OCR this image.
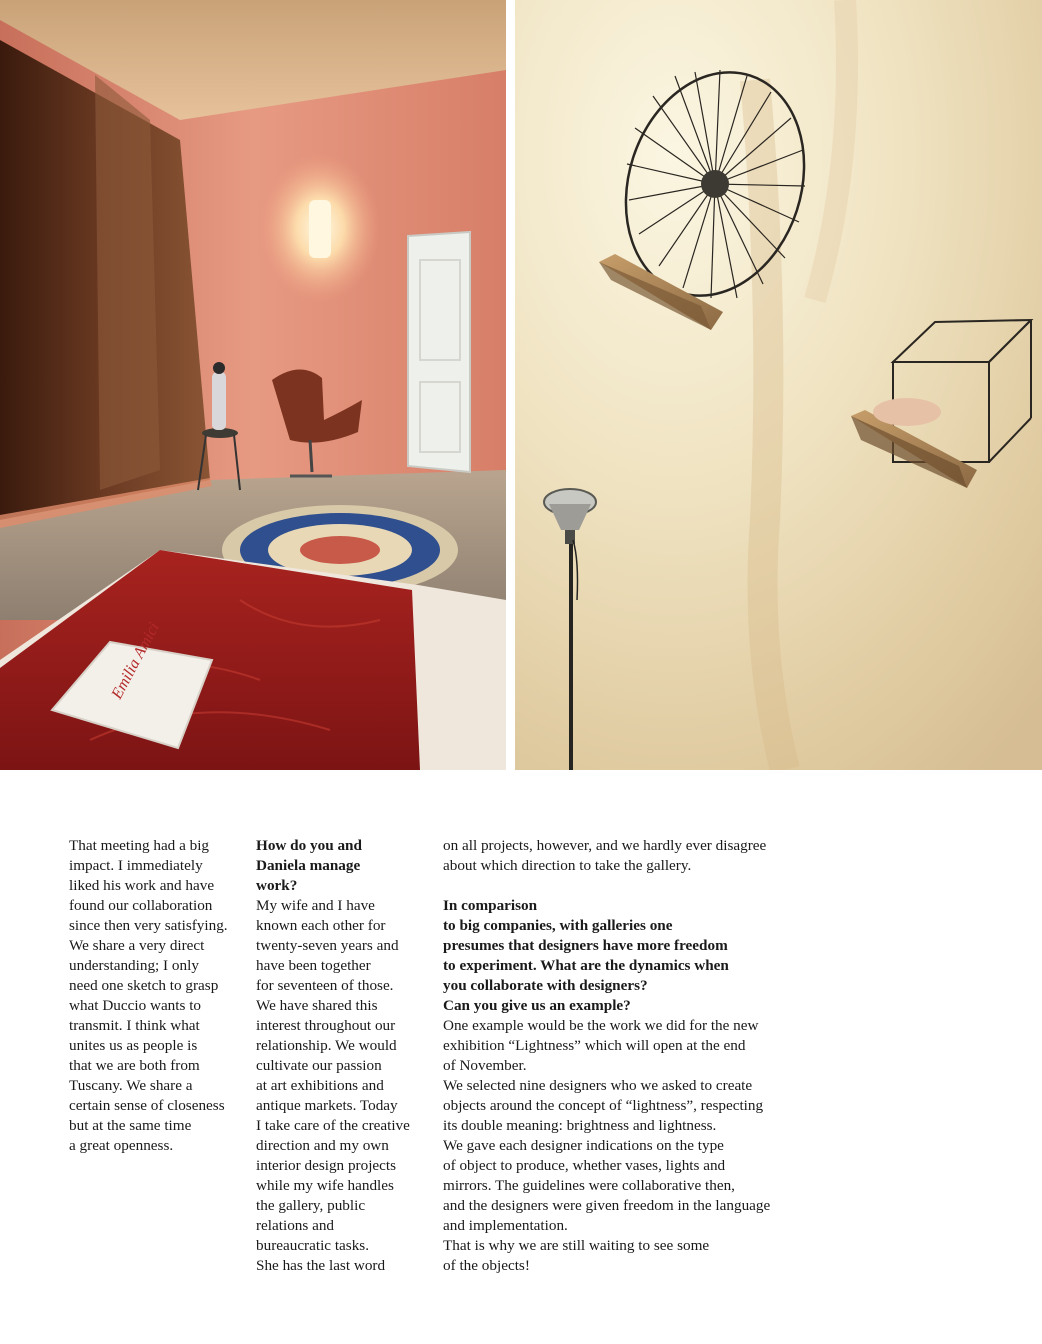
Emilia Amici
That meeting had a big
impact. I immediately
liked his work and have
found our collaboration
since then very satisfying.
We share a very direct
understanding; I only
need one sketch to grasp
what Duccio wants to
transmit. I think what
unites us as people is
that we are both from
Tuscany. We share a
certain sense of closeness
but at the same time
a great openness.
How do you and
Daniela manage
work?
My wife and I have
known each other for
twenty-seven years and
have been together
for seventeen of those.
We have shared this
interest throughout our
relationship. We would
cultivate our passion
at art exhibitions and
antique markets. Today
I take care of the creative
direction and my own
interior design projects
while my wife handles
the gallery, public
relations and
bureaucratic tasks.
She has the last word
on all projects, however, and we hardly ever disagree
about which direction to take the gallery.
In comparison
to big companies, with galleries one
presumes that designers have more freedom
to experiment. What are the dynamics when
you collaborate with designers?
Can you give us an example?
One example would be the work we did for the new
exhibition “Lightness” which will open at the end
of November.
We selected nine designers who we asked to create
objects around the concept of “lightness”, respecting
its double meaning: brightness and lightness.
We gave each designer indications on the type
of object to produce, whether vases, lights and
mirrors. The guidelines were collaborative then,
and the designers were given freedom in the language
and implementation.
That is why we are still waiting to see some
of the objects!
